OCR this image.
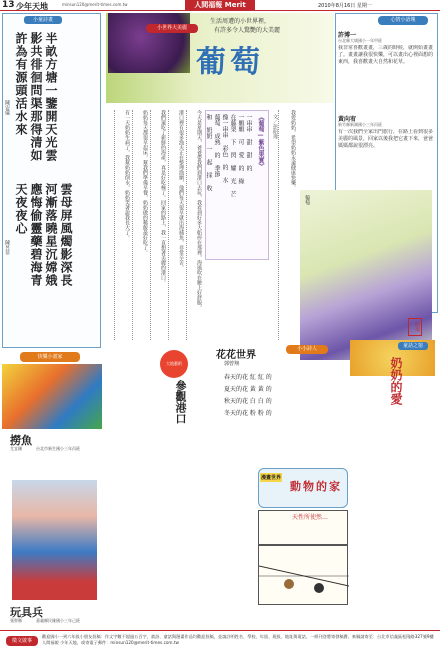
13 少年天地	minsun120@merit-times.com.tw	人間福報 Merit	2010年8月16日 星期一
小童詩畫
半畝方塘一鑒開天光雲影共徘徊問渠那得清如許為有源頭活水來
陳安儀
雲母屏風燭影深長河漸落曉星沉嫦娥應悔偷靈藥碧海青天夜夜心
陳昱菲
快樂小畫家
撈魚
尤宜珊	台北市新生國小三年丙班
玩具兵
張智勝	嘉義縣民雄國小三年己班
小世界大美麗
生活周遭的小世界裡，
有許多令人驚艷的大美麗
葡萄
《葡萄—紫色果實》
一串串 甜 甜 的
一顆顆 可 愛 的 綠
在藤架 下 閃 耀 光 芒
像一串串 彩色 的 水
葡萄 成熟 的 季節
和 奶奶 一 起 採 收	文／彭昭瑋
今天是星期天，爸爸帶我們到港口去玩，我看到好多大船停在那裡，海風吹在臉上好舒服。
港口裡有很多漁夫正在整理漁網，他們每天很早就出海捕魚，非常辛苦。
我們還吃了新鮮的海產，真是好吃極了。回家的路上，我一直想著美麗的港口。
奶奶每天都很早起床，幫我們準備早餐，奶奶做的稀飯最好吃了。
有一天奶奶生病了，我幫奶奶倒水，奶奶笑著說我長大了。	我愛奶奶，希望奶奶永遠健康快樂。
心情小語塊
許博一
台北縣大埔國小一年甲班
我非常喜歡畫畫，三歲的時候，就開始畫畫了。畫畫讓我很快樂，可以畫出心裡面想的東西，我喜歡畫大自然和花草。
黃向宥
新竹縣新湖國小三年丙班
有一次我們全家出門旅行，在路上看到很多美麗的風景，回家以後我把它畫下來，爸爸媽媽都說很漂亮。
葡萄
昭瑋
大地藝術
參觀港口
花花世界
小小詩人
郭曾翔
春天的花 紅 紅 的
夏天的花 黃 黃 的
秋天的花 白 白 的
冬天的花 粉 粉 的
童話之窗
奶奶的愛
漫畫世界
動物的家
天性所使然…
徵文啟事
歡迎國小一到六年級小朋友投稿：作文字數不超過五百字，童詩、童話與漫畫作品均歡迎投稿，並請註明姓名、學校、年級、班級、地址與電話，一經刊登將寄發稿費。來稿請寄至：台北市信義區松隆路327號9樓 人間福報 少年天地，或寄電子郵件：minsun120@merit-times.com.tw
